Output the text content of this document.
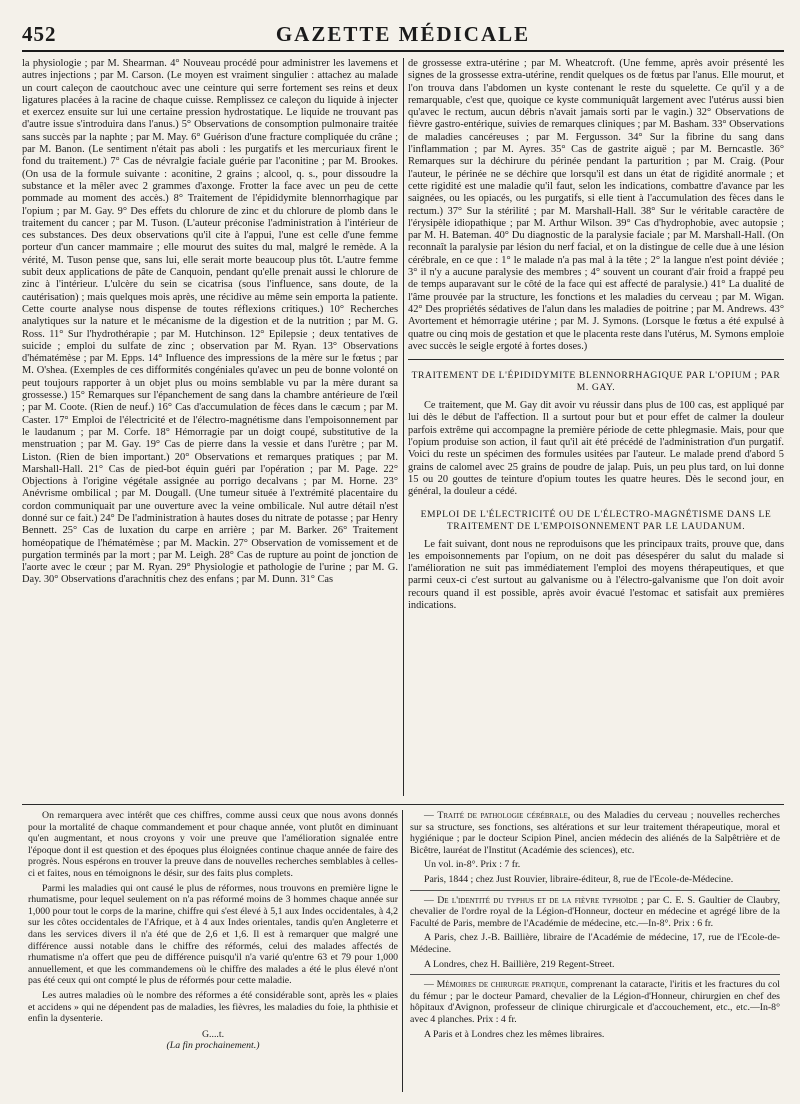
452	GAZETTE MÉDICALE

la physiologie ; par M. Shearman. 4° Nouveau procédé pour administrer les lavemens et autres injections ; par M. Carson. (Le moyen est vraiment singulier : attachez au malade un court caleçon de caoutchouc avec une ceinture qui serre fortement ses reins et deux ligatures placées à la racine de chaque cuisse. Remplissez ce caleçon du liquide à injecter et exercez ensuite sur lui une certaine pression hydrostatique. Le liquide ne trouvant pas d'autre issue s'introduira dans l'anus.) 5° Observations de consomption pulmonaire traitée sans succès par la naphte ; par M. May. 6° Guérison d'une fracture compliquée du crâne ; par M. Banon. (Le sentiment n'était pas aboli : les purgatifs et les mercuriaux firent le fond du traitement.) 7° Cas de névralgie faciale guérie par l'aconitine ; par M. Brookes. (On usa de la formule suivante : aconitine, 2 grains ; alcool, q. s., pour dissoudre la substance et la mêler avec 2 grammes d'axonge. Frotter la face avec un peu de cette pommade au moment des accès.) 8° Traitement de l'épididymite blennorrhagique par l'opium ; par M. Gay. 9° Des effets du chlorure de zinc et du chlorure de plomb dans le traitement du cancer ; par M. Tuson. (L'auteur préconise l'administration à l'intérieur de ces substances. Des deux observations qu'il cite à l'appui, l'une est celle d'une femme porteur d'un cancer mammaire ; elle mourut des suites du mal, malgré le remède. A la vérité, M. Tuson pense que, sans lui, elle serait morte beaucoup plus tôt. L'autre femme subit deux applications de pâte de Canquoin, pendant qu'elle prenait aussi le chlorure de zinc à l'intérieur. L'ulcère du sein se cicatrisa (sous l'influence, sans doute, de la cautérisation) ; mais quelques mois après, une récidive au même sein emporta la patiente. Cette courte analyse nous dispense de toutes réflexions critiques.) 10° Recherches analytiques sur la nature et le mécanisme de la digestion et de la nutrition ; par M. G. Ross. 11° Sur l'hydrothérapie ; par M. Hutchinson. 12° Epilepsie ; deux tentatives de suicide ; emploi du sulfate de zinc ; observation par M. Ryan. 13° Observations d'hématémèse ; par M. Epps. 14° Influence des impressions de la mère sur le fœtus ; par M. O'shea. (Exemples de ces difformités congéniales qu'avec un peu de bonne volonté on peut toujours rapporter à un objet plus ou moins semblable vu par la mère durant sa grossesse.) 15° Remarques sur l'épanchement de sang dans la chambre antérieure de l'œil ; par M. Coote. (Rien de neuf.) 16° Cas d'accumulation de fèces dans le cæcum ; par M. Caster. 17° Emploi de l'électricité et de l'électro-magnétisme dans l'empoisonnement par le laudanum ; par M. Corfe. 18° Hémorragie par un doigt coupé, substitutive de la menstruation ; par M. Gay. 19° Cas de pierre dans la vessie et dans l'urètre ; par M. Liston. (Rien de bien important.) 20° Observations et remarques pratiques ; par M. Marshall-Hall. 21° Cas de pied-bot équin guéri par l'opération ; par M. Page. 22° Objections à l'origine végétale assignée au porrigo decalvans ; par M. Horne. 23° Anévrisme ombilical ; par M. Dougall. (Une tumeur située à l'extrémité placentaire du cordon communiquait par une ouverture avec la veine ombilicale. Nul autre détail n'est donné sur ce fait.) 24° De l'administration à hautes doses du nitrate de potasse ; par Henry Bennett. 25° Cas de luxation du carpe en arrière ; par M. Barker. 26° Traitement homéopatique de l'hématémèse ; par M. Mackin. 27° Observation de vomissement et de purgation terminés par la mort ; par M. Leigh. 28° Cas de rupture au point de jonction de l'aorte avec le cœur ; par M. Ryan. 29° Physiologie et pathologie de l'urine ; par M. G. Day. 30° Observations d'arachnitis chez des enfans ; par M. Dunn. 31° Cas

de grossesse extra-utérine ; par M. Wheatcroft. (Une femme, après avoir présenté les signes de la grossesse extra-utérine, rendit quelques os de fœtus par l'anus. Elle mourut, et l'on trouva dans l'abdomen un kyste contenant le reste du squelette. Ce qu'il y a de remarquable, c'est que, quoique ce kyste communiquât largement avec l'utérus aussi bien qu'avec le rectum, aucun débris n'avait jamais sorti par le vagin.) 32° Observations de fièvre gastro-entérique, suivies de remarques cliniques ; par M. Basham. 33° Observations de maladies cancéreuses ; par M. Fergusson. 34° Sur la fibrine du sang dans l'inflammation ; par M. Ayres. 35° Cas de gastrite aiguë ; par M. Berncastle. 36° Remarques sur la déchirure du périnée pendant la parturition ; par M. Craig. (Pour l'auteur, le périnée ne se déchire que lorsqu'il est dans un état de rigidité anormale ; et cette rigidité est une maladie qu'il faut, selon les indications, combattre d'avance par les saignées, ou les opiacés, ou les purgatifs, si elle tient à l'accumulation des fèces dans le rectum.) 37° Sur la stérilité ; par M. Marshall-Hall. 38° Sur le véritable caractère de l'érysipèle idiopathique ; par M. Arthur Wilson. 39° Cas d'hydrophobie, avec autopsie ; par M. H. Bateman. 40° Du diagnostic de la paralysie faciale ; par M. Marshall-Hall. (On reconnaît la paralysie par lésion du nerf facial, et on la distingue de celle due à une lésion cérébrale, en ce que : 1° le malade n'a pas mal à la tête ; 2° la langue n'est point déviée ; 3° il n'y a aucune paralysie des membres ; 4° souvent un courant d'air froid a frappé peu de temps auparavant sur le côté de la face qui est affecté de paralysie.) 41° La dualité de l'âme prouvée par la structure, les fonctions et les maladies du cerveau ; par M. Wigan. 42° Des propriétés sédatives de l'alun dans les maladies de poitrine ; par M. Andrews. 43° Avortement et hémorragie utérine ; par M. J. Symons. (Lorsque le fœtus a été expulsé à quatre ou cinq mois de gestation et que le placenta reste dans l'utérus, M. Symons emploie avec succès le seigle ergoté à fortes doses.)

TRAITEMENT DE L'ÉPIDIDYMITE BLENNORRHAGIQUE PAR L'OPIUM ; PAR M. GAY.

Ce traitement, que M. Gay dit avoir vu réussir dans plus de 100 cas, est appliqué par lui dès le début de l'affection. Il a surtout pour but et pour effet de calmer la douleur parfois extrême qui accompagne la première période de cette phlegmasie. Mais, pour que l'opium produise son action, il faut qu'il ait été précédé de l'administration d'un purgatif. Voici du reste un spécimen des formules usitées par l'auteur. Le malade prend d'abord 5 grains de calomel avec 25 grains de poudre de jalap. Puis, un peu plus tard, on lui donne 15 ou 20 gouttes de teinture d'opium toutes les quatre heures. Dès le second jour, en général, la douleur a cédé.

EMPLOI DE L'ÉLECTRICITÉ OU DE L'ÉLECTRO-MAGNÉTISME DANS LE TRAITEMENT DE L'EMPOISONNEMENT PAR LE LAUDANUM.

Le fait suivant, dont nous ne reproduisons que les principaux traits, prouve que, dans les empoisonnements par l'opium, on ne doit pas désespérer du salut du malade si l'amélioration ne suit pas immédiatement l'emploi des moyens thérapeutiques, et que parmi ceux-ci c'est surtout au galvanisme ou à l'électro-galvanisme que l'on doit avoir recours quand il est possible, après avoir évacué l'estomac et satisfait aux premières indications.

On remarquera avec intérêt que ces chiffres, comme aussi ceux que nous avons donnés pour la mortalité de chaque commandement et pour chaque année, vont plutôt en diminuant qu'en augmentant, et nous croyons y voir une preuve que l'amélioration signalée entre l'époque dont il est question et des époques plus éloignées continue chaque année de faire des progrès. Nous espérons en trouver la preuve dans de nouvelles recherches semblables à celles-ci et faites, nous en témoignons le désir, sur des faits plus complets.

Parmi les maladies qui ont causé le plus de réformes, nous trouvons en première ligne le rhumatisme, pour lequel seulement on n'a pas réformé moins de 3 hommes chaque année sur 1,000 pour tout le corps de la marine, chiffre qui s'est élevé à 5,1 aux Indes occidentales, à 4,2 sur les côtes occidentales de l'Afrique, et à 4 aux Indes orientales, tandis qu'en Angleterre et dans les services divers il n'a été que de 2,6 et 1,6. Il est à remarquer que malgré une différence aussi notable dans le chiffre des réformés, celui des malades affectés de rhumatisme n'a offert que peu de différence puisqu'il n'a varié qu'entre 63 et 79 pour 1,000 annuellement, et que les commandemens où le chiffre des malades a été le plus élevé n'ont pas été ceux qui ont compté le plus de réformés pour cette maladie.

Les autres maladies où le nombre des réformes a été considérable sont, après les « plaies et accidens » qui ne dépendent pas de maladies, les fièvres, les maladies du foie, la phthisie et enfin la dysenterie.

G....t.
(La fin prochainement.)

— Traité de pathologie cérébrale, ou des Maladies du cerveau ; nouvelles recherches sur sa structure, ses fonctions, ses altérations et sur leur traitement thérapeutique, moral et hygiénique ; par le docteur Scipion Pinel, ancien médecin des aliénés de la Salpêtrière et de Bicêtre, lauréat de l'Institut (Académie des sciences), etc.

Un vol. in-8°. Prix : 7 fr.

Paris, 1844 ; chez Just Rouvier, libraire-éditeur, 8, rue de l'Ecole-de-Médecine.

— De l'identité du typhus et de la fièvre typhoïde ; par C. E. S. Gaultier de Claubry, chevalier de l'ordre royal de la Légion-d'Honneur, docteur en médecine et agrégé libre de la Faculté de Paris, membre de l'Académie de médecine, etc.—In-8°. Prix : 6 fr.

A Paris, chez J.-B. Baillière, libraire de l'Académie de médecine, 17, rue de l'Ecole-de-Médecine.

A Londres, chez H. Baillière, 219 Regent-Street.

— Mémoires de chirurgie pratique, comprenant la cataracte, l'iritis et les fractures du col du fémur ; par le docteur Pamard, chevalier de la Légion-d'Honneur, chirurgien en chef des hôpitaux d'Avignon, professeur de clinique chirurgicale et d'accouchement, etc., etc.—In-8° avec 4 planches. Prix : 4 fr.

A Paris et à Londres chez les mêmes libraires.
